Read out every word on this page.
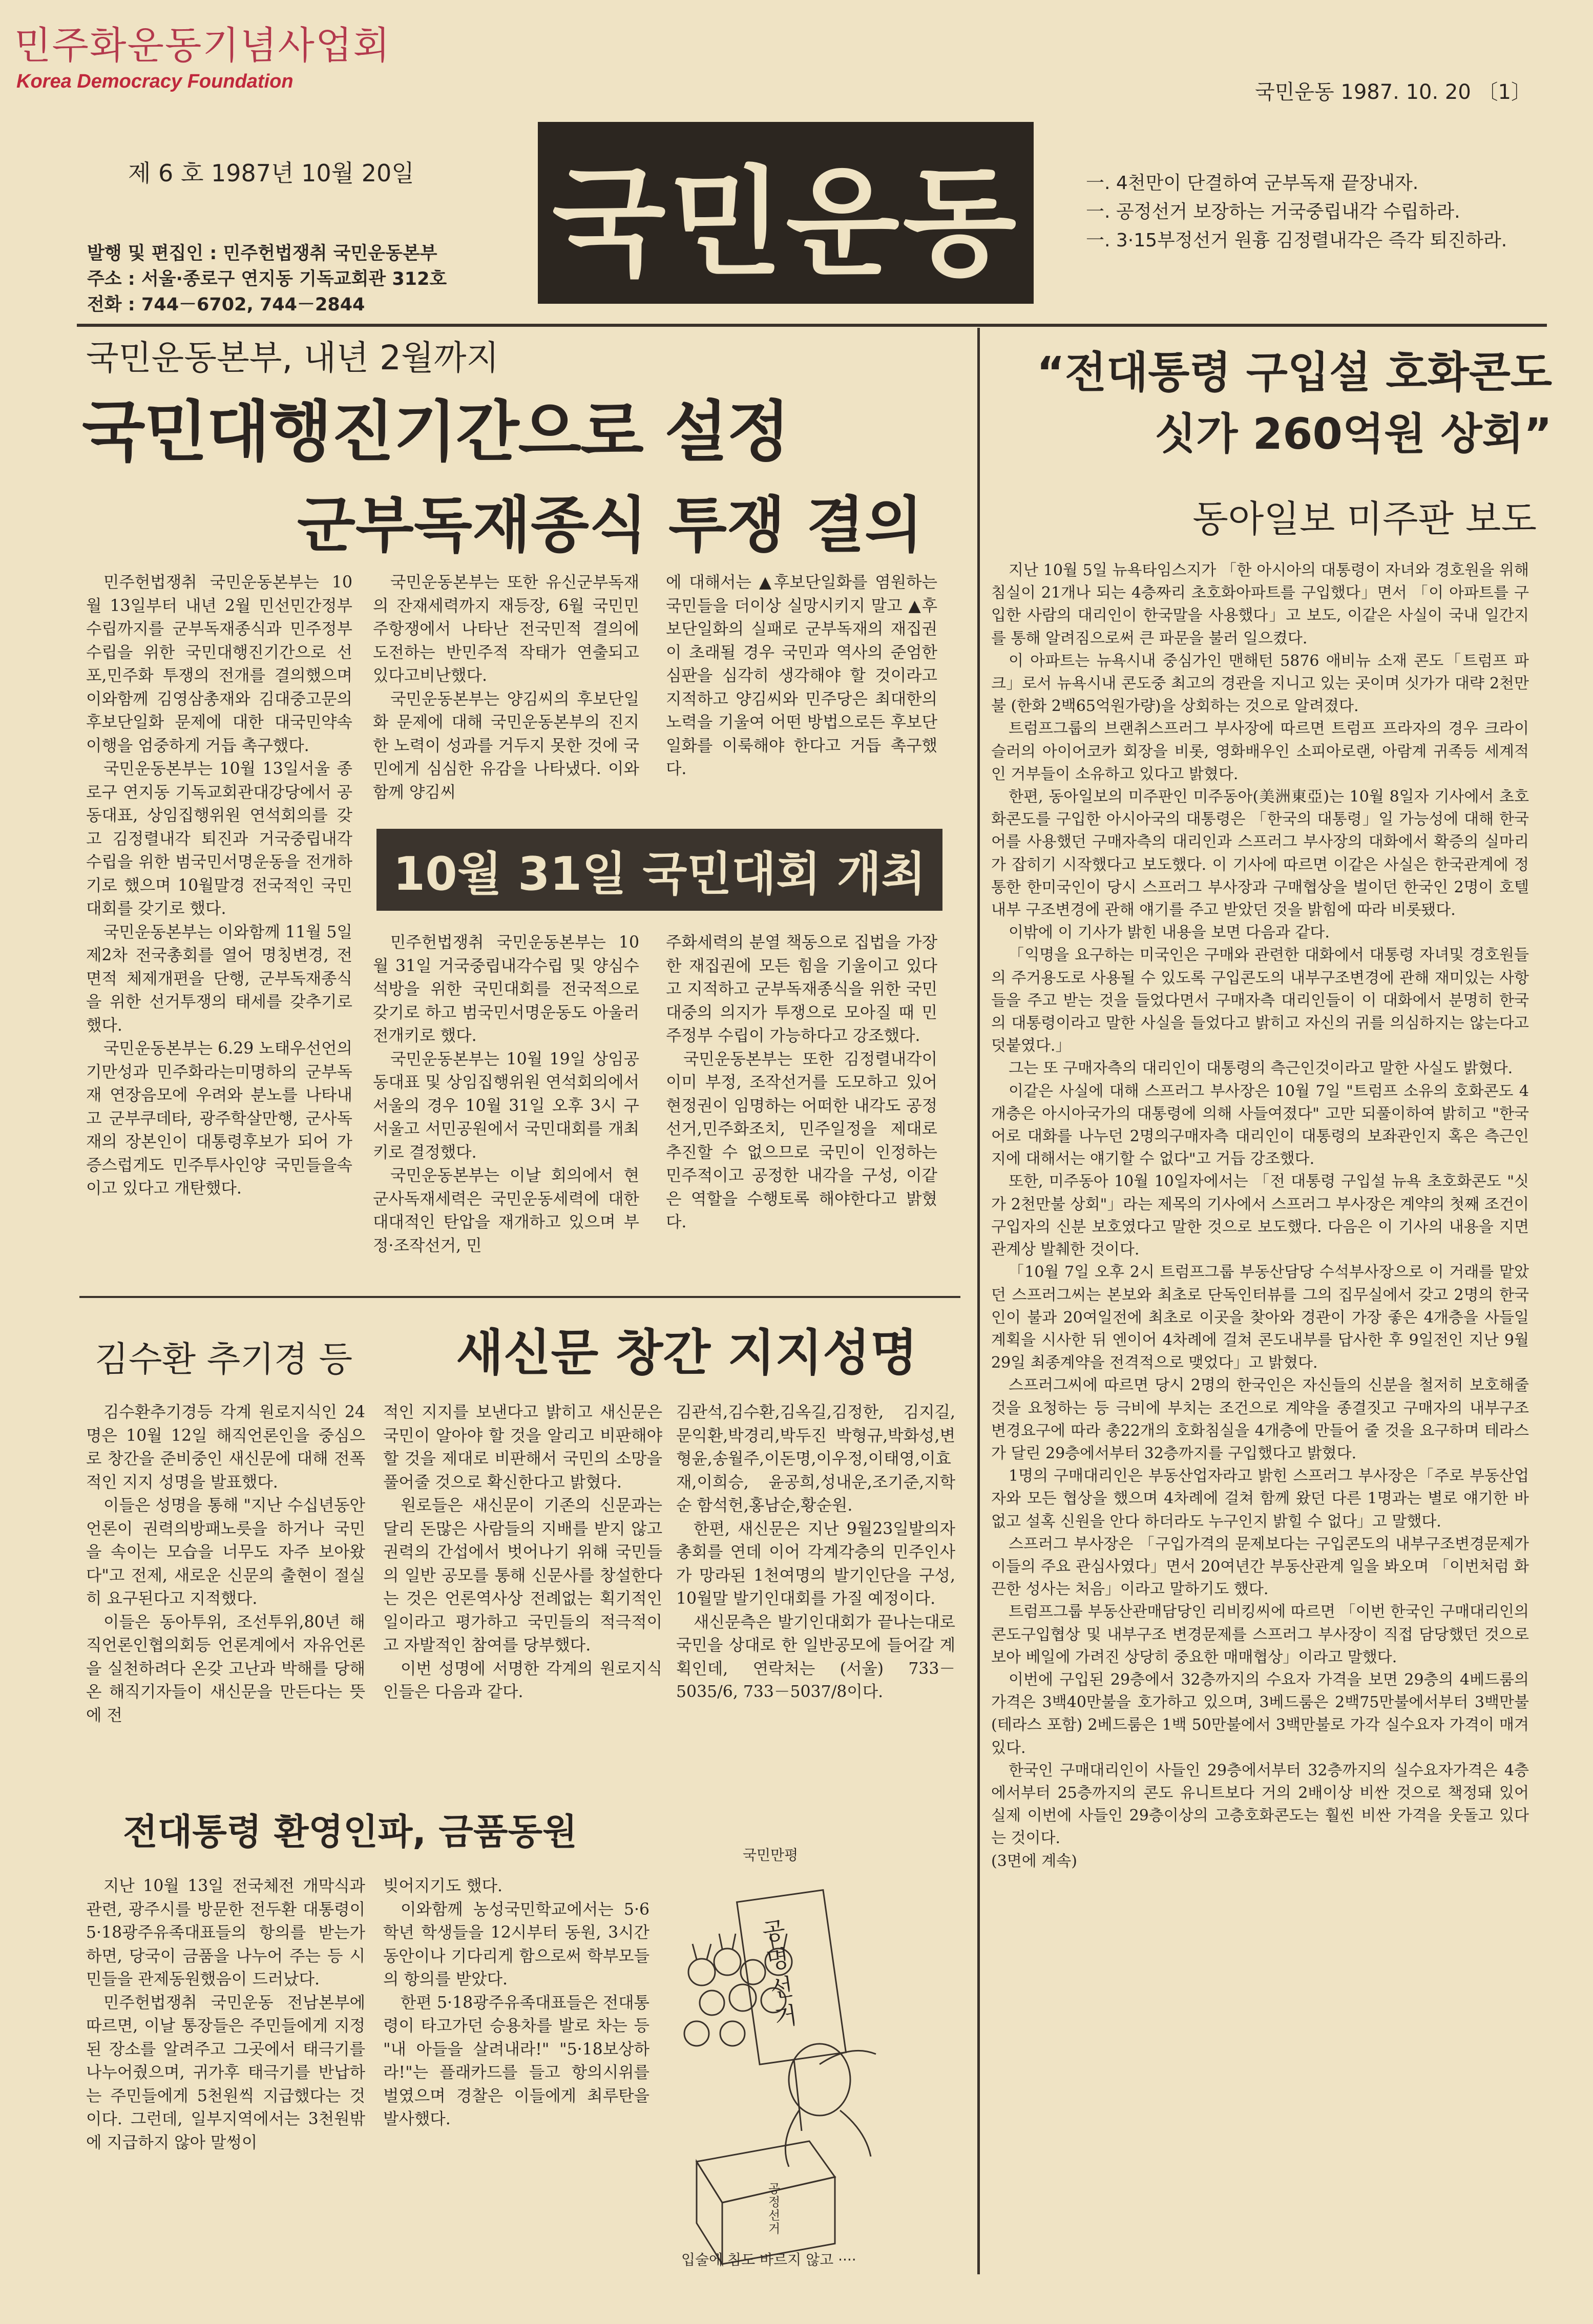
민주화운동기념사업회
Korea Democracy Foundation	국민운동 1987. 10. 20 〔1〕
제 6 호 1987년 10월 20일
발행 및 편집인 : 민주헌법쟁취 국민운동본부
주소 : 서울·종로구 연지동 기독교회관 312호
전화 : 744－6702, 744－2844
국민운동	一. 4천만이 단결하여 군부독재 끝장내자.
一. 공정선거 보장하는 거국중립내각 수립하라.
一. 3·15부정선거 원흉 김정렬내각은 즉각 퇴진하라.
국민운동본부, 내년 2월까지
국민대행진기간으로 설정
군부독재종식 투쟁 결의

민주헌법쟁취 국민운동본부는 10월 13일부터 내년 2월 민선민간정부 수립까지를 군부독재종식과 민주정부수립을 위한 국민대행진기간으로 선포,민주화 투쟁의 전개를 결의했으며 이와함께 김영삼총재와 김대중고문의 후보단일화 문제에 대한 대국민약속 이행을 엄중하게 거듭 촉구했다.

국민운동본부는 10월 13일서울 종로구 연지동 기독교회관대강당에서 공동대표, 상임집행위원 연석회의를 갖고 김정렬내각 퇴진과 거국중립내각 수립을 위한 범국민서명운동을 전개하기로 했으며 10월말경 전국적인 국민대회를 갖기로 했다.

국민운동본부는 이와함께 11월 5일 제2차 전국총회를 열어 명칭변경, 전면적 체제개편을 단행, 군부독재종식을 위한 선거투쟁의 태세를 갖추기로 했다.

국민운동본부는 6.29 노태우선언의 기만성과 민주화라는미명하의 군부독재 연장음모에 우려와 분노를 나타내고 군부쿠데타, 광주학살만행, 군사독재의 장본인이 대통령후보가 되어 가증스럽게도 민주투사인양 국민들을속이고 있다고 개탄했다.

국민운동본부는 또한 유신군부독재의 잔재세력까지 재등장, 6월 국민민주항쟁에서 나타난 전국민적 결의에 도전하는 반민주적 작태가 연출되고 있다고비난했다.

국민운동본부는 양김씨의 후보단일화 문제에 대해 국민운동본부의 진지한 노력이 성과를 거두지 못한 것에 국민에게 심심한 유감을 나타냈다. 이와함께 양김씨

에 대해서는 ▲후보단일화를 염원하는 국민들을 더이상 실망시키지 말고 ▲후보단일화의 실패로 군부독재의 재집권이 초래될 경우 국민과 역사의 준엄한 심판을 심각히 생각해야 할 것이라고 지적하고 양김씨와 민주당은 최대한의 노력을 기울여 어떤 방법으로든 후보단일화를 이룩해야 한다고 거듭 촉구했다.

10월 31일 국민대회 개최

민주헌법쟁취 국민운동본부는 10월 31일 거국중립내각수립 및 양심수석방을 위한 국민대회를 전국적으로 갖기로 하고 범국민서명운동도 아울러 전개키로 했다.

국민운동본부는 10월 19일 상임공동대표 및 상임집행위원 연석회의에서 서울의 경우 10월 31일 오후 3시 구서울고 서민공원에서 국민대회를 개최키로 결정했다.

국민운동본부는 이날 회의에서 현군사독재세력은 국민운동세력에 대한 대대적인 탄압을 재개하고 있으며 부정·조작선거, 민

주화세력의 분열 책동으로 집법을 가장한 재집권에 모든 힘을 기울이고 있다고 지적하고 군부독재종식을 위한 국민대중의 의지가 투쟁으로 모아질 때 민주정부 수립이 가능하다고 강조했다.

국민운동본부는 또한 김정렬내각이 이미 부정, 조작선거를 도모하고 있어 현정권이 임명하는 어떠한 내각도 공정선거,민주화조치, 민주일정을 제대로 추진할 수 없으므로 국민이 인정하는 민주적이고 공정한 내각을 구성, 이같은 역할을 수행토록 해야한다고 밝혔다.

김수환 추기경 등 새신문 창간 지지성명

김수환추기경등 각계 원로지식인 24명은 10월 12일 해직언론인을 중심으로 창간을 준비중인 새신문에 대해 전폭적인 지지 성명을 발표했다.

이들은 성명을 통해 "지난 수십년동안 언론이 권력의방패노릇을 하거나 국민을 속이는 모습을 너무도 자주 보아왔다"고 전제, 새로운 신문의 출현이 절실히 요구된다고 지적했다.

이들은 동아투위, 조선투위,80년 해직언론인협의회등 언론계에서 자유언론을 실천하려다 온갖 고난과 박해를 당해온 해직기자들이 새신문을 만든다는 뜻에 전

적인 지지를 보낸다고 밝히고 새신문은 국민이 알아야 할 것을 알리고 비판해야 할 것을 제대로 비판해서 국민의 소망을 풀어줄 것으로 확신한다고 밝혔다.

원로들은 새신문이 기존의 신문과는 달리 돈많은 사람들의 지배를 받지 않고 권력의 간섭에서 벗어나기 위해 국민들의 일반 공모를 통해 신문사를 창설한다는 것은 언론역사상 전례없는 획기적인 일이라고 평가하고 국민들의 적극적이고 자발적인 참여를 당부했다.

이번 성명에 서명한 각계의 원로지식인들은 다음과 같다.

김관석,김수환,김옥길,김정한, 김지길,문익환,박경리,박두진 박형규,박화성,변형윤,송월주,이돈명,이우정,이태영,이효재,이희승, 윤공희,성내운,조기준,지학순 함석헌,홍남순,황순원.

한편, 새신문은 지난 9월23일발의자 총회를 연데 이어 각계각층의 민주인사가 망라된 1천여명의 발기인단을 구성, 10월말 발기인대회를 가질 예정이다.

새신문측은 발기인대회가 끝나는대로 국민을 상대로 한 일반공모에 들어갈 계획인데, 연락처는 (서울) 733－5035/6, 733－5037/8이다.

전대통령 환영인파, 금품동원

지난 10월 13일 전국체전 개막식과 관련, 광주시를 방문한 전두환 대통령이 5·18광주유족대표들의 항의를 받는가 하면, 당국이 금품을 나누어 주는 등 시민들을 관제동원했음이 드러났다.

민주헌법쟁취 국민운동 전남본부에 따르면, 이날 통장들은 주민들에게 지정된 장소를 알려주고 그곳에서 태극기를 나누어줬으며, 귀가후 태극기를 반납하는 주민들에게 5천원씩 지급했다는 것이다. 그런데, 일부지역에서는 3천원밖에 지급하지 않아 말썽이

빚어지기도 했다.

이와함께 농성국민학교에서는 5·6학년 학생들을 12시부터 동원, 3시간동안이나 기다리게 함으로써 학부모들의 항의를 받았다.

한편 5·18광주유족대표들은 전대통령이 타고가던 승용차를 발로 차는 등 "내 아들을 살려내라!" "5·18보상하라!"는 플래카드를 들고 항의시위를 벌였으며 경찰은 이들에게 최루탄을 발사했다.

국민만평
공명선거
공정선거
입술에 침도 바르지 않고 ····
“전대통령 구입설 호화콘도
싯가 260억원 상회”
동아일보 미주판 보도

지난 10월 5일 뉴욕타임스지가 「한 아시아의 대통령이 자녀와 경호원을 위해 침실이 21개나 되는 4층짜리 초호화아파트를 구입했다」면서 「이 아파트를 구입한 사람의 대리인이 한국말을 사용했다」고 보도, 이같은 사실이 국내 일간지를 통해 알려짐으로써 큰 파문을 불러 일으켰다.

이 아파트는 뉴욕시내 중심가인 맨해턴 5876 애비뉴 소재 콘도「트럼프 파크」로서 뉴욕시내 콘도중 최고의 경관을 지니고 있는 곳이며 싯가가 대략 2천만불 (한화 2백65억원가량)을 상회하는 것으로 알려졌다.

트럼프그룹의 브랜취스프러그 부사장에 따르면 트럼프 프라자의 경우 크라이슬러의 아이어코카 회장을 비롯, 영화배우인 소피아로랜, 아람계 귀족등 세계적인 거부들이 소유하고 있다고 밝혔다.

한편, 동아일보의 미주판인 미주동아(美洲東亞)는 10월 8일자 기사에서 초호화콘도를 구입한 아시아국의 대통령은 「한국의 대통령」일 가능성에 대해 한국어를 사용했던 구매자측의 대리인과 스프러그 부사장의 대화에서 확증의 실마리가 잡히기 시작했다고 보도했다. 이 기사에 따르면 이같은 사실은 한국관계에 정통한 한미국인이 당시 스프러그 부사장과 구매협상을 벌이던 한국인 2명이 호텔내부 구조변경에 관해 얘기를 주고 받았던 것을 밝힘에 따라 비롯됐다.

이밖에 이 기사가 밝힌 내용을 보면 다음과 같다.

「익명을 요구하는 미국인은 구매와 관련한 대화에서 대통령 자녀및 경호원들의 주거용도로 사용될 수 있도록 구입콘도의 내부구조변경에 관해 재미있는 사항들을 주고 받는 것을 들었다면서 구매자측 대리인들이 이 대화에서 분명히 한국의 대통령이라고 말한 사실을 들었다고 밝히고 자신의 귀를 의심하지는 않는다고 덧붙였다.」

그는 또 구매자측의 대리인이 대통령의 측근인것이라고 말한 사실도 밝혔다.

이같은 사실에 대해 스프러그 부사장은 10월 7일 "트럼프 소유의 호화콘도 4개층은 아시아국가의 대통령에 의해 사들여졌다" 고만 되풀이하여 밝히고 "한국어로 대화를 나누던 2명의구매자측 대리인이 대통령의 보좌관인지 혹은 측근인지에 대해서는 얘기할 수 없다"고 거듭 강조했다.

또한, 미주동아 10월 10일자에서는 「전 대통령 구입설 뉴욕 초호화콘도 "싯가 2천만불 상회"」라는 제목의 기사에서 스프러그 부사장은 계약의 첫째 조건이 구입자의 신분 보호였다고 말한 것으로 보도했다. 다음은 이 기사의 내용을 지면관계상 발췌한 것이다.

「10월 7일 오후 2시 트럼프그룹 부동산담당 수석부사장으로 이 거래를 맡았던 스프러그씨는 본보와 최초로 단독인터뷰를 그의 집무실에서 갖고 2명의 한국인이 불과 20여일전에 최초로 이곳을 찾아와 경관이 가장 좋은 4개층을 사들일 계획을 시사한 뒤 엔이어 4차례에 걸쳐 콘도내부를 답사한 후 9일전인 지난 9월 29일 최종계약을 전격적으로 맺었다」고 밝혔다.

스프러그씨에 따르면 당시 2명의 한국인은 자신들의 신분을 철저히 보호해줄 것을 요청하는 등 극비에 부치는 조건으로 계약을 종결짓고 구매자의 내부구조 변경요구에 따라 총22개의 호화침실을 4개층에 만들어 줄 것을 요구하며 테라스가 달린 29층에서부터 32층까지를 구입했다고 밝혔다.

1명의 구매대리인은 부동산업자라고 밝힌 스프러그 부사장은「주로 부동산업자와 모든 협상을 했으며 4차례에 걸쳐 함께 왔던 다른 1명과는 별로 얘기한 바 없고 설혹 신원을 안다 하더라도 누구인지 밝힐 수 없다」고 말했다.

스프러그 부사장은 「구입가격의 문제보다는 구입콘도의 내부구조변경문제가 이들의 주요 관심사였다」면서 20여년간 부동산관계 일을 봐오며 「이번처럼 화끈한 성사는 처음」이라고 말하기도 했다.

트럼프그룹 부동산관매담당인 리비킹씨에 따르면 「이번 한국인 구매대리인의 콘도구입협상 및 내부구조 변경문제를 스프러그 부사장이 직접 담당했던 것으로 보아 베일에 가려진 상당히 중요한 매매협상」이라고 말했다.

이번에 구입된 29층에서 32층까지의 수요자 가격을 보면 29층의 4베드룸의 가격은 3백40만불을 호가하고 있으며, 3베드룸은 2백75만불에서부터 3백만불 (테라스 포함) 2베드룸은 1백 50만불에서 3백만불로 가각 실수요자 가격이 매겨있다.

한국인 구매대리인이 사들인 29층에서부터 32층까지의 실수요자가격은 4층에서부터 25층까지의 콘도 유니트보다 거의 2배이상 비싼 것으로 책정돼 있어 실제 이번에 사들인 29층이상의 고층호화콘도는 훨씬 비싼 가격을 웃돌고 있다는 것이다.

(3면에 계속)
